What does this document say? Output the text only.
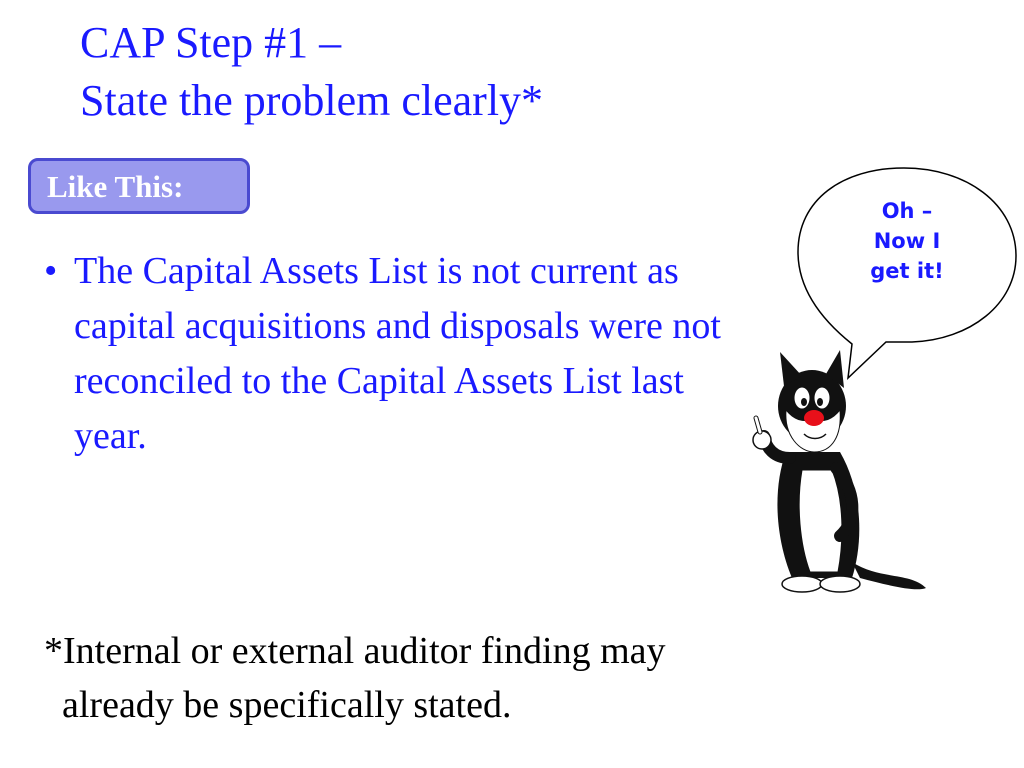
CAP Step #1 –
State the problem clearly*
Like This:
• The Capital Assets List is not current as capital acquisitions and disposals were not reconciled to the Capital Assets List last year.
Oh –
Now I
get it!
*Internal or external auditor finding may
already be specifically stated.
